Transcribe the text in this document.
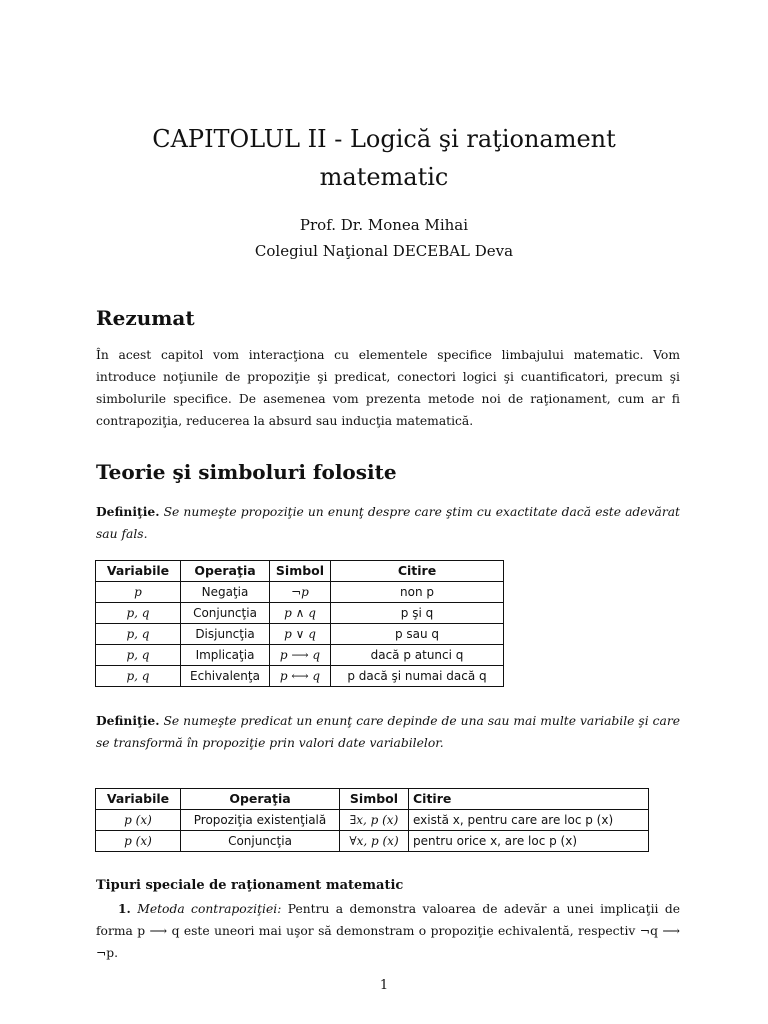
CAPITOLUL II - Logică şi raţionament
matematic
Prof. Dr. Monea Mihai
Colegiul Naţional DECEBAL Deva
Rezumat
În acest capitol vom interacţiona cu elementele specifice limbajului matematic. Vom introduce noţiunile de propoziţie şi predicat, conectori logici şi cuantificatori, precum şi simbolurile specifice. De asemenea vom prezenta metode noi de raţionament, cum ar fi contrapoziţia, reducerea la absurd sau inducţia matematică.
Teorie şi simboluri folosite
Definiţie. Se numeşte propoziţie un enunţ despre care ştim cu exactitate dacă este adevărat sau fals.
Variabile	Operaţia	Simbol	Citire
p	Negaţia	¬p	non p
p, q	Conjuncţia	p ∧ q	p şi q
p, q	Disjuncţia	p ∨ q	p sau q
p, q	Implicaţia	p ⟶ q	dacă p atunci q
p, q	Echivalenţa	p ⟷ q	p dacă şi numai dacă q
Definiţie. Se numeşte predicat un enunţ care depinde de una sau mai multe variabile şi care se transformă în propoziţie prin valori date variabilelor.
Variabile	Operaţia	Simbol	Citire
p (x)	Propoziţia existenţială	∃x, p (x)	există x, pentru care are loc p (x)
p (x)	Conjuncţia	∀x, p (x)	pentru orice x, are loc p (x)
Tipuri speciale de raţionament matematic
1. Metoda contrapoziţiei: Pentru a demonstra valoarea de adevăr a unei implicaţii de forma p ⟶ q este uneori mai uşor să demonstram o propoziţie echivalentă, respectiv ¬q ⟶ ¬p.
1
